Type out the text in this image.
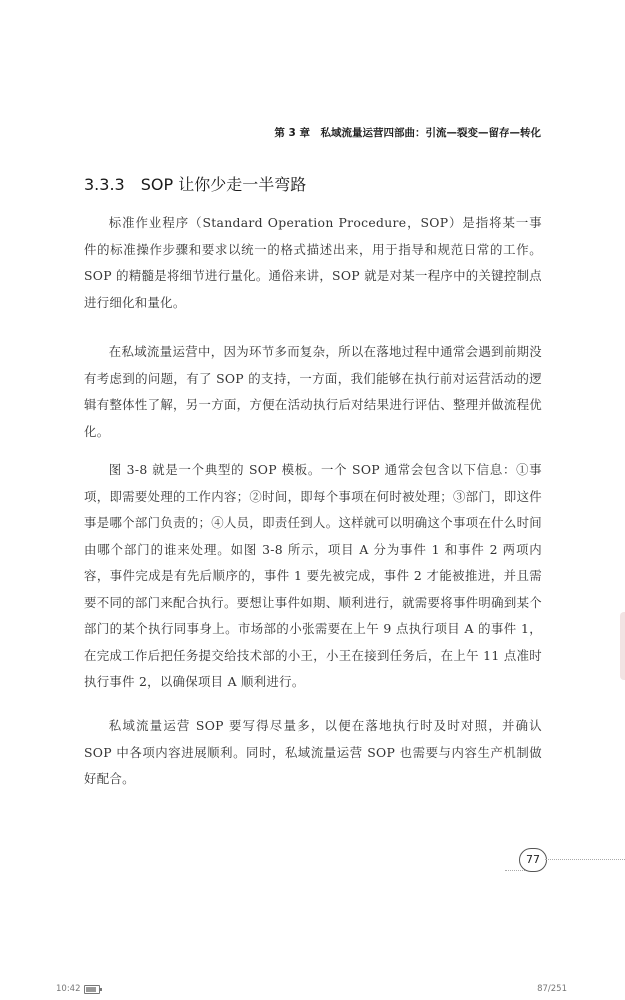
第 3 章　私域流量运营四部曲：引流—裂变—留存—转化
3.3.3 SOP 让你少走一半弯路

标准作业程序（Standard Operation Procedure，SOP）是指将某一事件的标准操作步骤和要求以统一的格式描述出来，用于指导和规范日常的工作。SOP 的精髓是将细节进行量化。通俗来讲，SOP 就是对某一程序中的关键控制点进行细化和量化。

在私域流量运营中，因为环节多而复杂，所以在落地过程中通常会遇到前期没有考虑到的问题，有了 SOP 的支持，一方面，我们能够在执行前对运营活动的逻辑有整体性了解，另一方面，方便在活动执行后对结果进行评估、整理并做流程优化。

图 3-8 就是一个典型的 SOP 模板。一个 SOP 通常会包含以下信息：①事项，即需要处理的工作内容；②时间，即每个事项在何时被处理；③部门，即这件事是哪个部门负责的；④人员，即责任到人。这样就可以明确这个事项在什么时间由哪个部门的谁来处理。如图 3-8 所示，项目 A 分为事件 1 和事件 2 两项内容，事件完成是有先后顺序的，事件 1 要先被完成，事件 2 才能被推进，并且需要不同的部门来配合执行。要想让事件如期、顺利进行，就需要将事件明确到某个部门的某个执行同事身上。市场部的小张需要在上午 9 点执行项目 A 的事件 1，在完成工作后把任务提交给技术部的小王，小王在接到任务后，在上午 11 点准时执行事件 2，以确保项目 A 顺利进行。

私域流量运营 SOP 要写得尽量多，以便在落地执行时及时对照，并确认 SOP 中各项内容进展顺利。同时，私域流量运营 SOP 也需要与内容生产机制做好配合。

77
10:42	87/251
